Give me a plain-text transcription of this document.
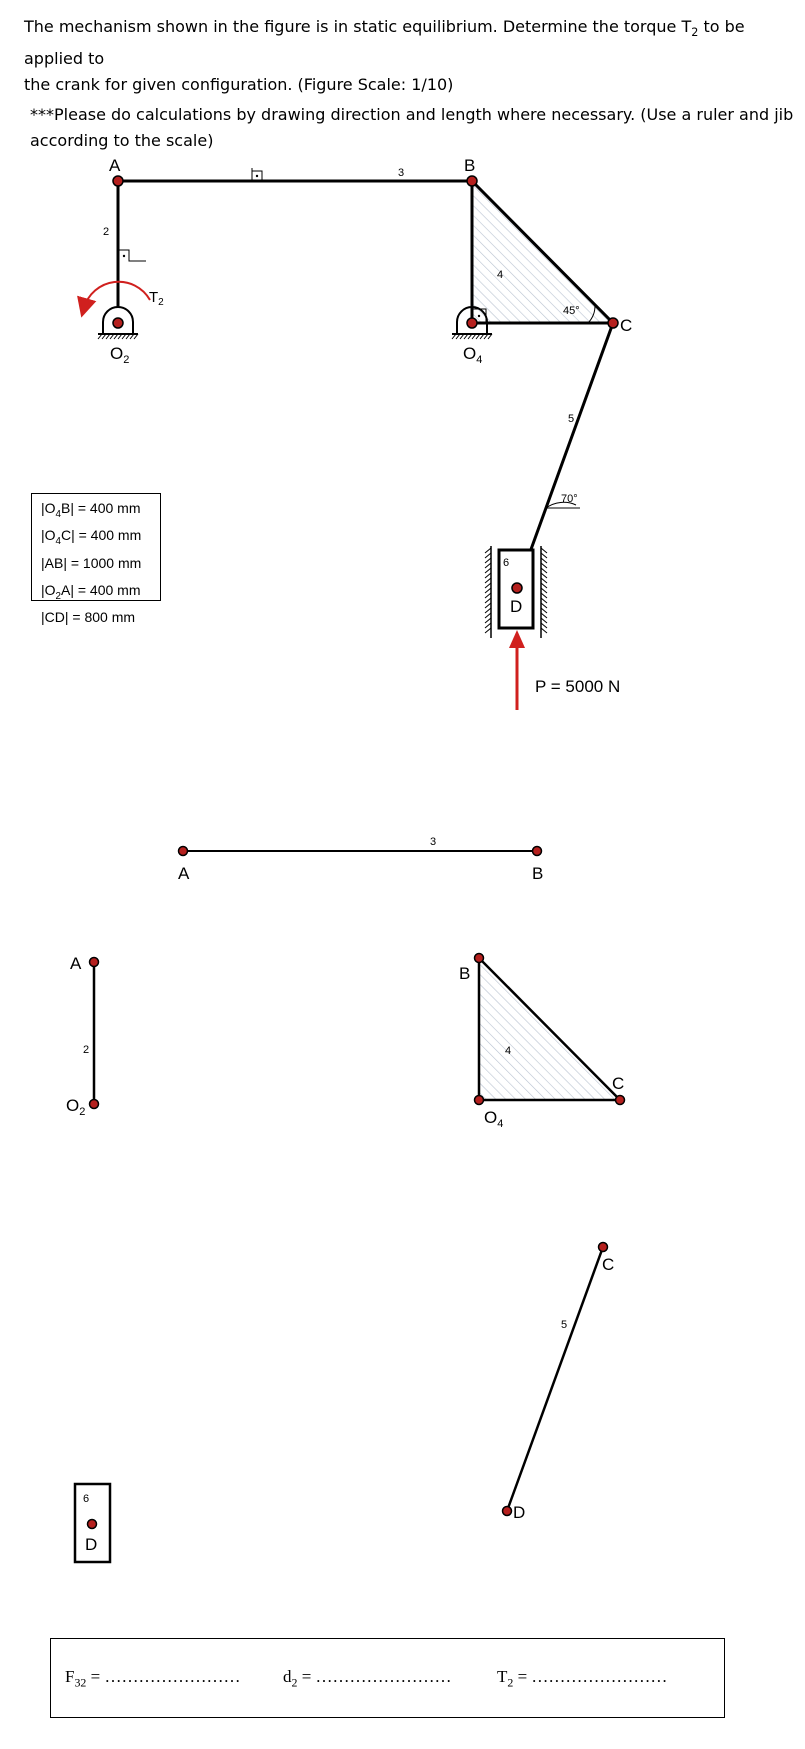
The mechanism shown in the figure is in static equilibrium. Determine the torque $T_2$ to be applied to

the crank for given configuration. (Figure Scale: 1/10)

***Please do calculations by drawing direction and length where necessary. (Use a ruler and jib

according to the scale)

A	B
C
D
$O_2$	$O_4$
$T_2$
2
3
4
5
6
45°
70°
P = 5000 N
A	B
3
A
$O_2$
2
B
C
$O_4$
4
C
D
5
6
D
$|O_4B| = 400$ mm
$|O_4C| = 400$ mm
|AB| = 1000 mm
$|O_2A| = 400$ mm
|CD| = 800 mm
$F_{32}$ = ……………………	$d_2$ = ……………………	$T_2$ = ……………………
